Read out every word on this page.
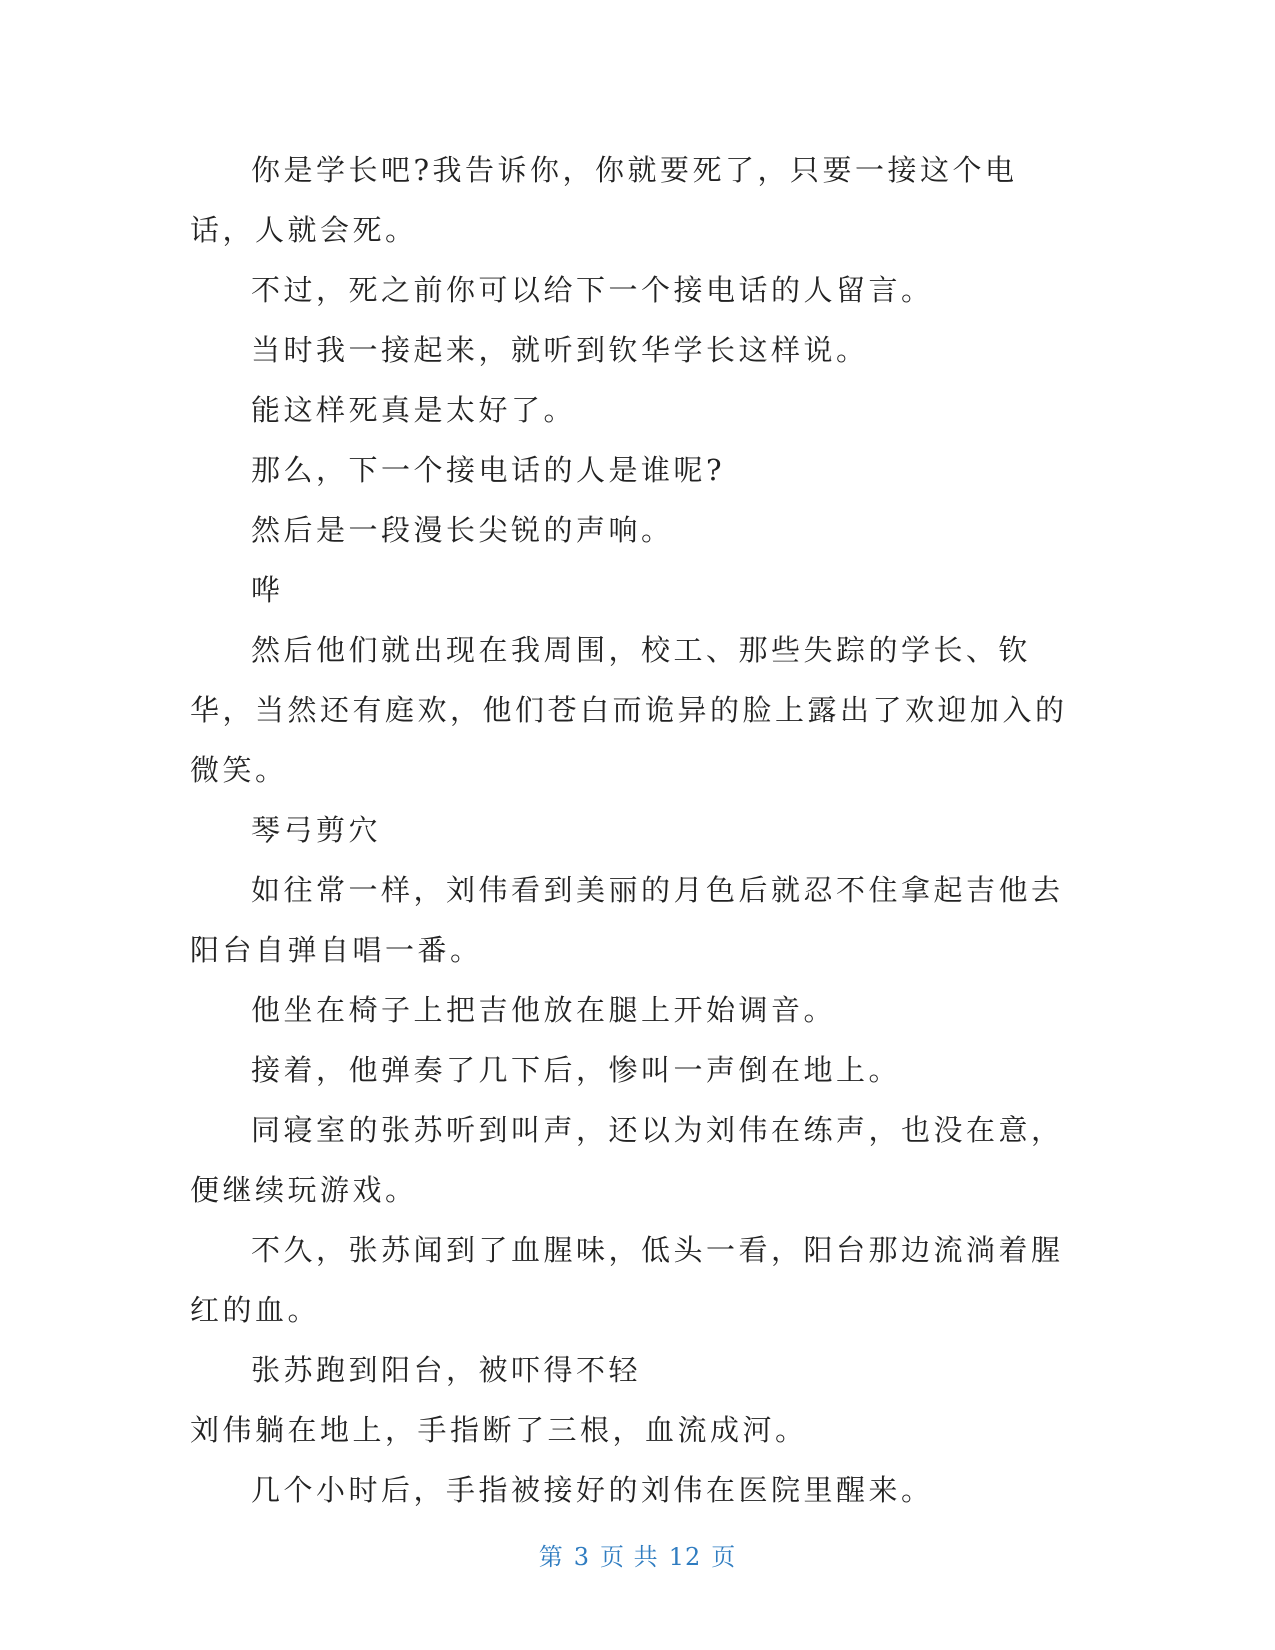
你是学长吧?我告诉你，你就要死了，只要一接这个电话，人就会死。

不过，死之前你可以给下一个接电话的人留言。

当时我一接起来，就听到钦华学长这样说。

能这样死真是太好了。

那么，下一个接电话的人是谁呢?

然后是一段漫长尖锐的声响。

哗

然后他们就出现在我周围，校工、那些失踪的学长、钦华，当然还有庭欢，他们苍白而诡异的脸上露出了欢迎加入的微笑。

琴弓剪穴

如往常一样，刘伟看到美丽的月色后就忍不住拿起吉他去阳台自弹自唱一番。

他坐在椅子上把吉他放在腿上开始调音。

接着，他弹奏了几下后，惨叫一声倒在地上。

同寝室的张苏听到叫声，还以为刘伟在练声，也没在意，便继续玩游戏。

不久，张苏闻到了血腥味，低头一看，阳台那边流淌着腥红的血。

张苏跑到阳台，被吓得不轻

刘伟躺在地上，手指断了三根，血流成河。

几个小时后，手指被接好的刘伟在医院里醒来。

第 3 页 共 12 页
